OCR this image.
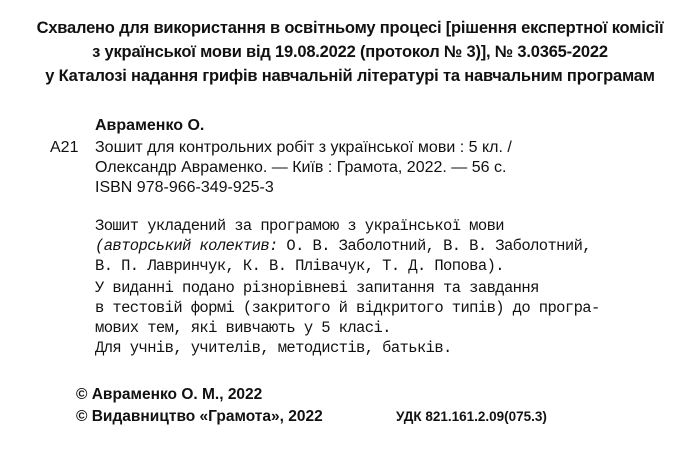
Схвалено для використання в освітньому процесі [рішення експертної комісії
з української мови від 19.08.2022 (протокол № 3)], № 3.0365-2022
у Каталозі надання грифів навчальній літературі та навчальним програмам
Авраменко О.
А21 Зошит для контрольних робіт з української мови : 5 кл. /
Олександр Авраменко. — Київ : Грамота, 2022. — 56 с.
ISBN 978-966-349-925-3
Зошит укладений за програмою з української мови
(авторський колектив: О. В. Заболотний, В. В. Заболотний,
В. П. Лавринчук, К. В. Плівачук, Т. Д. Попова).
У виданні подано різнорівневі запитання та завдання
в тестовій формі (закритого й відкритого типів) до програ-
мових тем, які вивчають у 5 класі.
Для учнів, учителів, методистів, батьків.
© Авраменко О. М., 2022
© Видавництво «Грамота», 2022	УДК 821.161.2.09(075.3)
